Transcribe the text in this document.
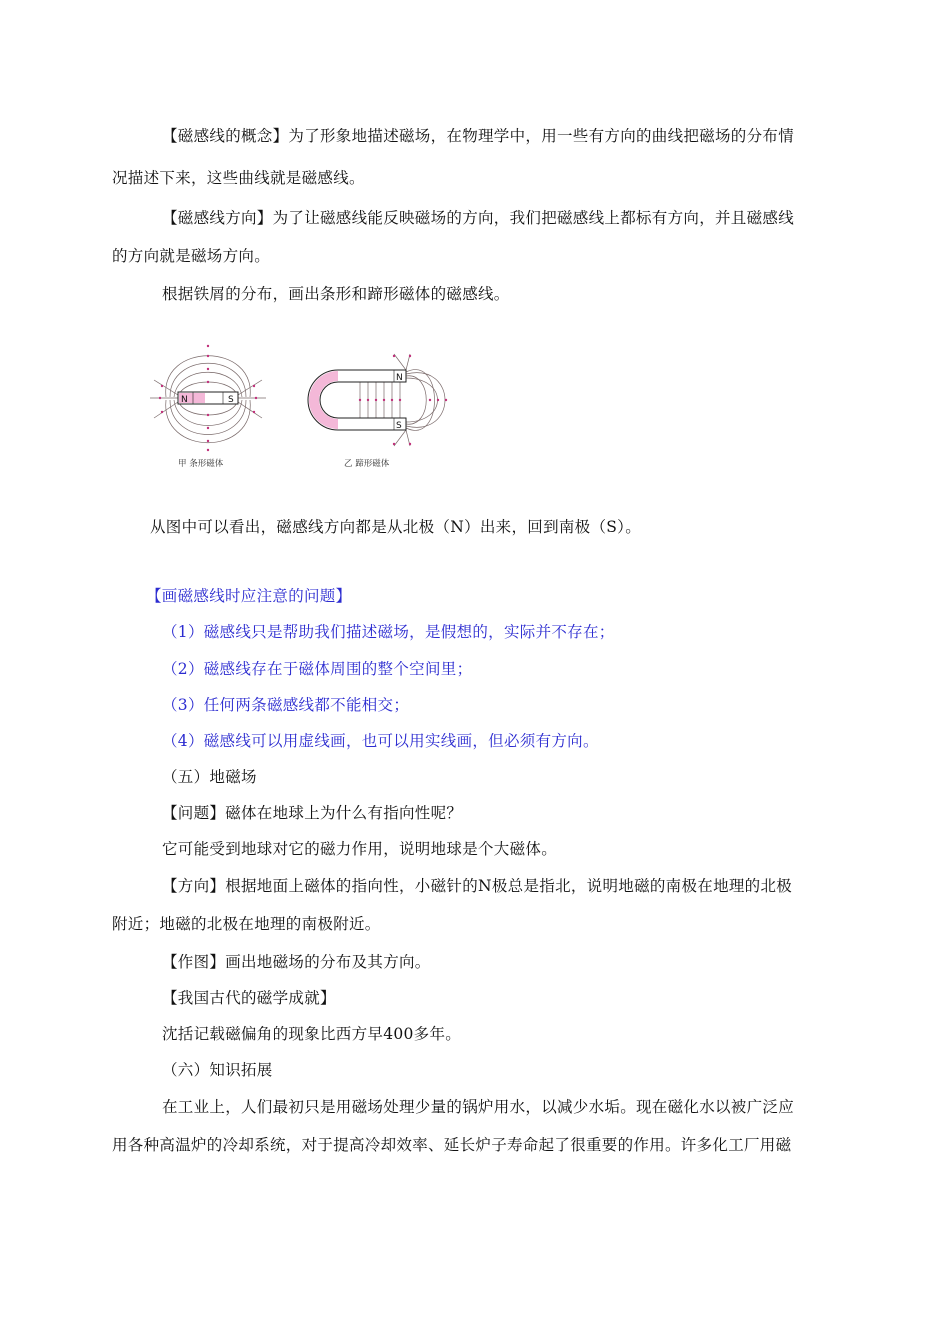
【磁感线的概念】为了形象地描述磁场，在物理学中，用一些有方向的曲线把磁场的分布情
况描述下来，这些曲线就是磁感线。
【磁感线方向】为了让磁感线能反映磁场的方向，我们把磁感线上都标有方向，并且磁感线
的方向就是磁场方向。
根据铁屑的分布，画出条形和蹄形磁体的磁感线。
N	S
甲 条形磁体
N
S
乙 蹄形磁体
从图中可以看出，磁感线方向都是从北极（N）出来，回到南极（S）。
【画磁感线时应注意的问题】
（1）磁感线只是帮助我们描述磁场，是假想的，实际并不存在；
（2）磁感线存在于磁体周围的整个空间里；
（3）任何两条磁感线都不能相交；
（4）磁感线可以用虚线画，也可以用实线画，但必须有方向。
（五）地磁场
【问题】磁体在地球上为什么有指向性呢？
它可能受到地球对它的磁力作用，说明地球是个大磁体。
【方向】根据地面上磁体的指向性，小磁针的N极总是指北，说明地磁的南极在地理的北极
附近；地磁的北极在地理的南极附近。
【作图】画出地磁场的分布及其方向。
【我国古代的磁学成就】
沈括记载磁偏角的现象比西方早400多年。
（六）知识拓展
在工业上，人们最初只是用磁场处理少量的锅炉用水，以减少水垢。现在磁化水以被广泛应
用各种高温炉的冷却系统，对于提高冷却效率、延长炉子寿命起了很重要的作用。许多化工厂用磁
